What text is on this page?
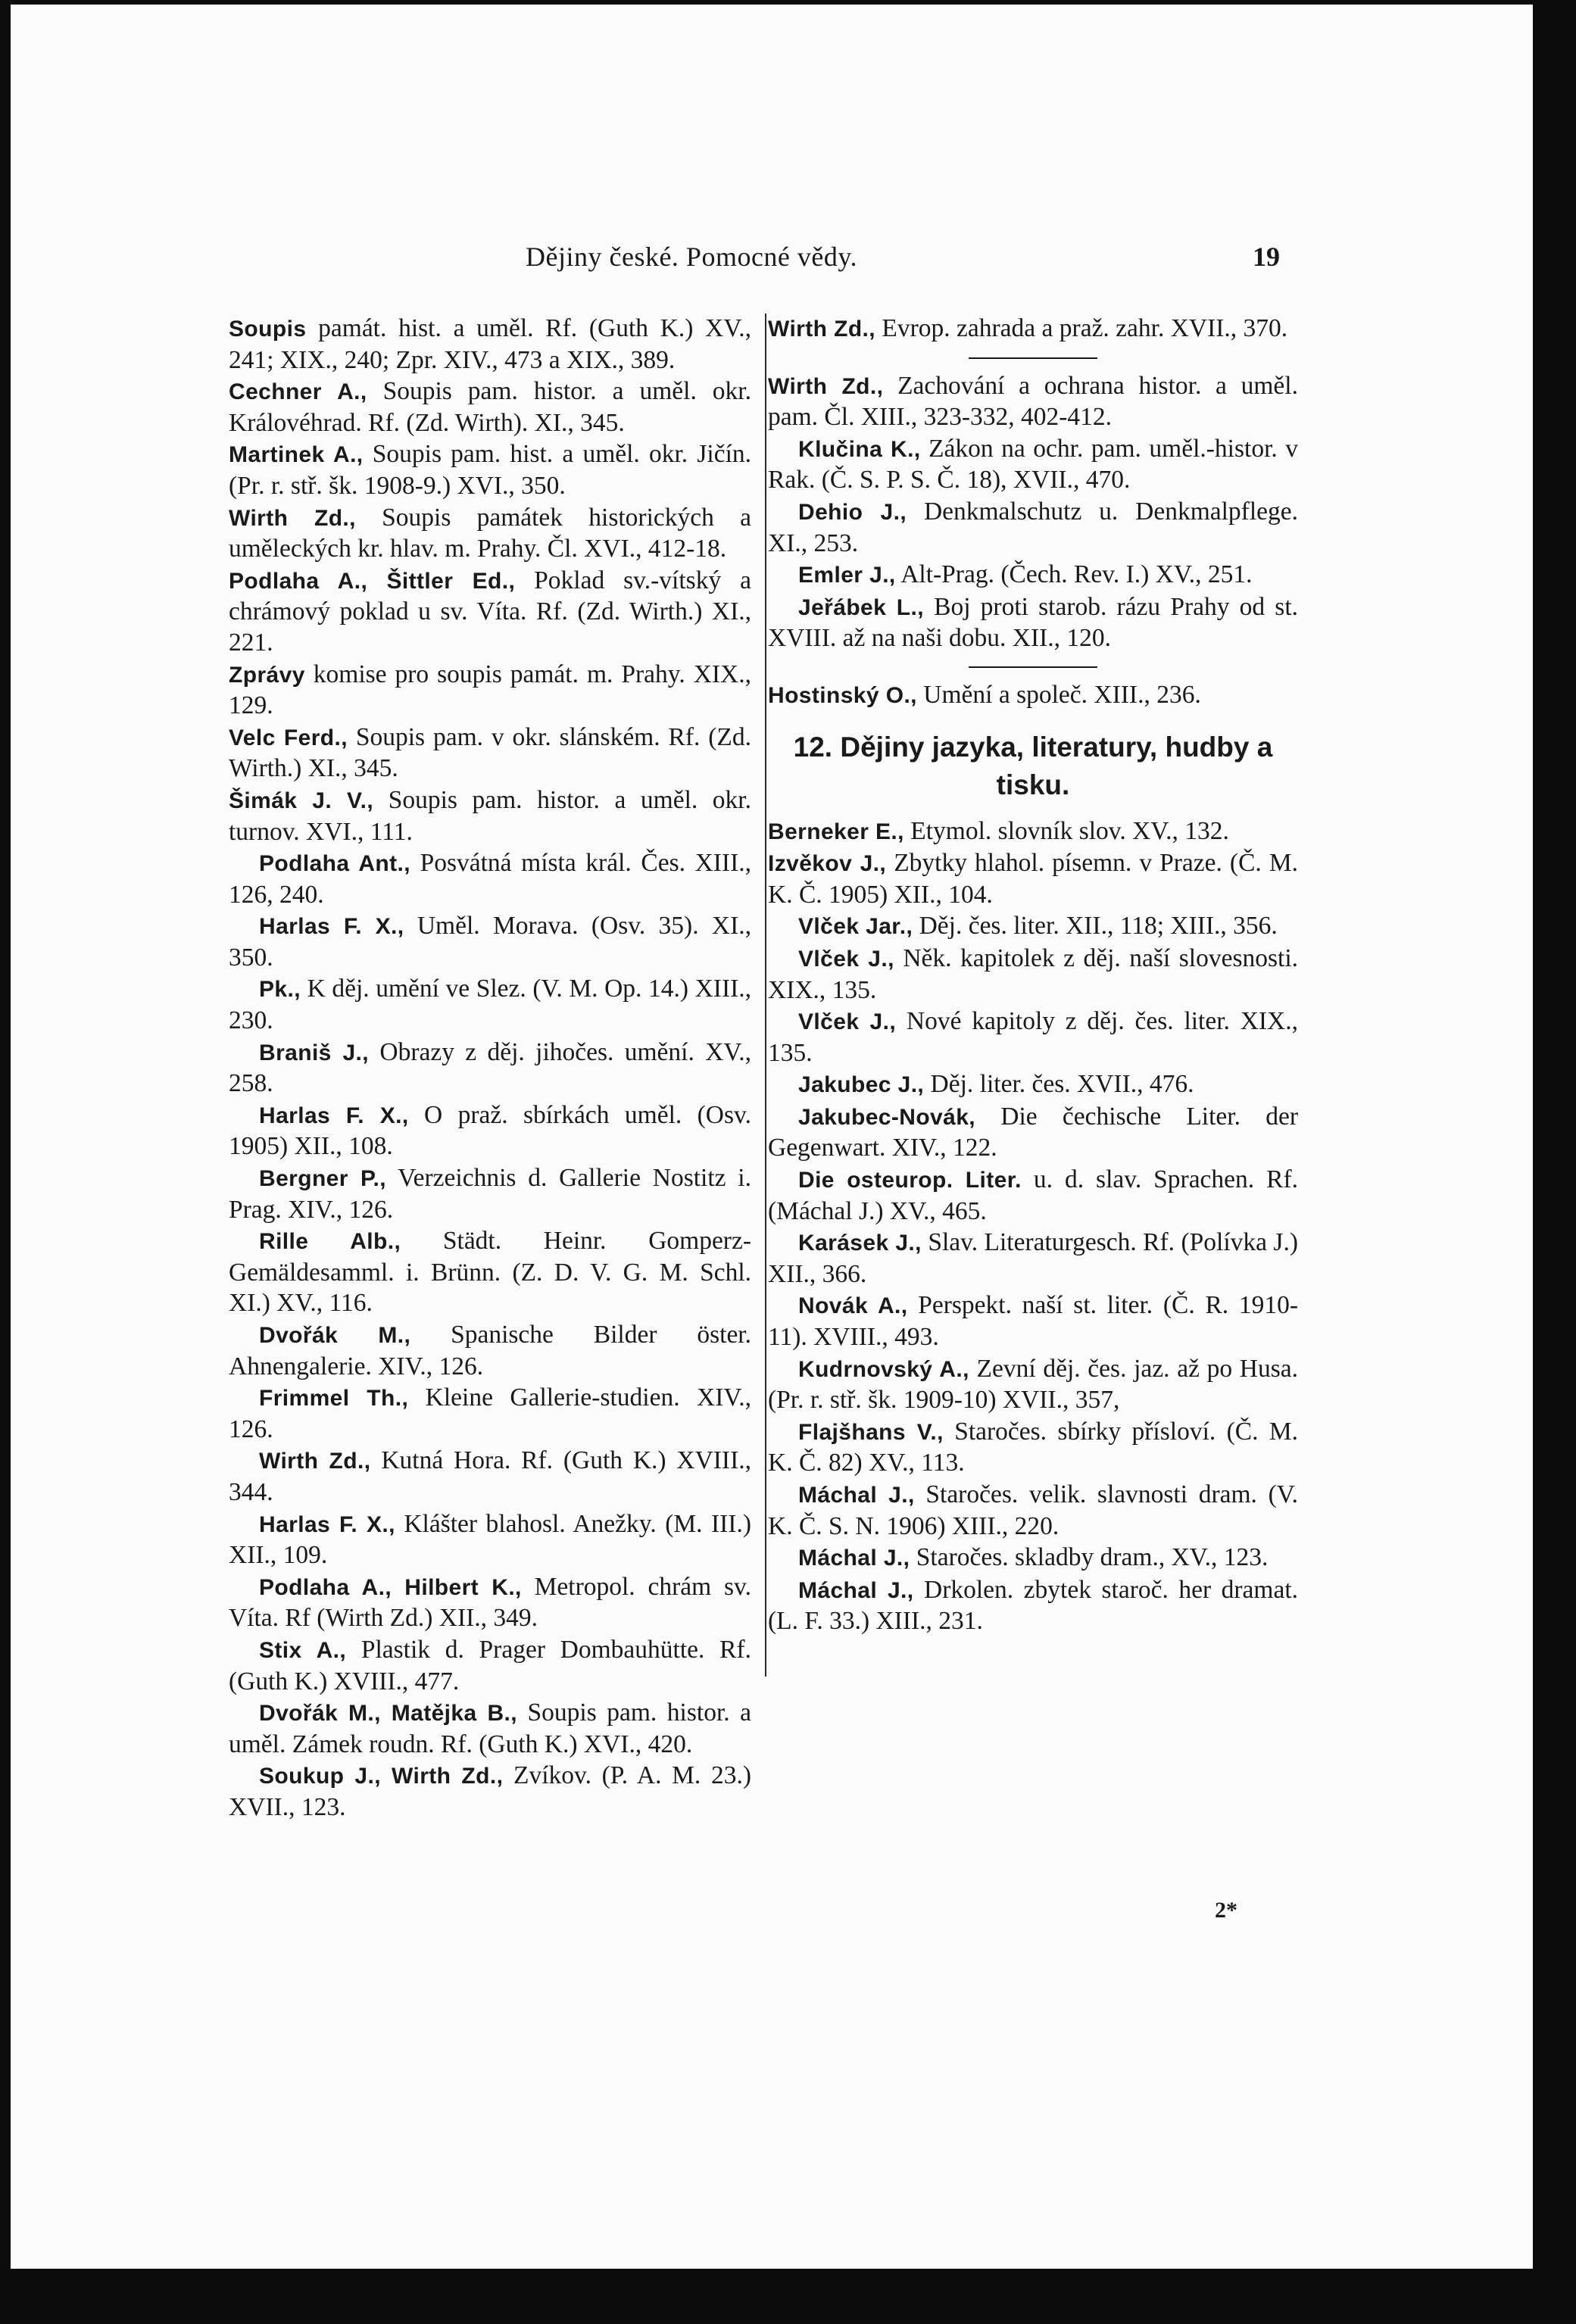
Dějiny české. Pomocné vědy.	19
Soupis památ. hist. a uměl. Rf. (Guth K.) XV., 241; XIX., 240; Zpr. XIV., 473 a XIX., 389.
Cechner A., Soupis pam. histor. a uměl. okr. Královéhrad. Rf. (Zd. Wirth). XI., 345.
Martinek A., Soupis pam. hist. a uměl. okr. Jičín. (Pr. r. stř. šk. 1908-9.) XVI., 350.
Wirth Zd., Soupis památek historických a uměleckých kr. hlav. m. Prahy. Čl. XVI., 412-18.
Podlaha A., Šittler Ed., Poklad sv.-vítský a chrámový poklad u sv. Víta. Rf. (Zd. Wirth.) XI., 221.
Zprávy komise pro soupis památ. m. Prahy. XIX., 129.
Velc Ferd., Soupis pam. v okr. slánském. Rf. (Zd. Wirth.) XI., 345.
Šimák J. V., Soupis pam. histor. a uměl. okr. turnov. XVI., 111.
Podlaha Ant., Posvátná místa král. Čes. XIII., 126, 240.
Harlas F. X., Uměl. Morava. (Osv. 35). XI., 350.
Pk., K děj. umění ve Slez. (V. M. Op. 14.) XIII., 230.
Braniš J., Obrazy z děj. jihočes. umění. XV., 258.
Harlas F. X., O praž. sbírkách uměl. (Osv. 1905) XII., 108.
Bergner P., Verzeichnis d. Gallerie Nostitz i. Prag. XIV., 126.
Rille Alb., Städt. Heinr. Gomperz-Gemäldesamml. i. Brünn. (Z. D. V. G. M. Schl. XI.) XV., 116.
Dvořák M., Spanische Bilder öster. Ahnengalerie. XIV., 126.
Frimmel Th., Kleine Gallerie-studien. XIV., 126.
Wirth Zd., Kutná Hora. Rf. (Guth K.) XVIII., 344.
Harlas F. X., Klášter blahosl. Anežky. (M. III.) XII., 109.
Podlaha A., Hilbert K., Metropol. chrám sv. Víta. Rf (Wirth Zd.) XII., 349.
Stix A., Plastik d. Prager Dombauhütte. Rf. (Guth K.) XVIII., 477.
Dvořák M., Matějka B., Soupis pam. histor. a uměl. Zámek roudn. Rf. (Guth K.) XVI., 420.
Soukup J., Wirth Zd., Zvíkov. (P. A. M. 23.) XVII., 123.
Wirth Zd., Evrop. zahrada a praž. zahr. XVII., 370.
Wirth Zd., Zachování a ochrana histor. a uměl. pam. Čl. XIII., 323-332, 402-412.
Klučina K., Zákon na ochr. pam. uměl.-histor. v Rak. (Č. S. P. S. Č. 18), XVII., 470.
Dehio J., Denkmalschutz u. Denkmalpflege. XI., 253.
Emler J., Alt-Prag. (Čech. Rev. I.) XV., 251.
Jeřábek L., Boj proti starob. rázu Prahy od st. XVIII. až na naši dobu. XII., 120.
Hostinský O., Umění a společ. XIII., 236.
12. Dějiny jazyka, literatury, hudby a tisku.
Berneker E., Etymol. slovník slov. XV., 132.
Izvěkov J., Zbytky hlahol. písemn. v Praze. (Č. M. K. Č. 1905) XII., 104.
Vlček Jar., Děj. čes. liter. XII., 118; XIII., 356.
Vlček J., Něk. kapitolek z děj. naší slovesnosti. XIX., 135.
Vlček J., Nové kapitoly z děj. čes. liter. XIX., 135.
Jakubec J., Děj. liter. čes. XVII., 476.
Jakubec-Novák, Die čechische Liter. der Gegenwart. XIV., 122.
Die osteurop. Liter. u. d. slav. Sprachen. Rf. (Máchal J.) XV., 465.
Karásek J., Slav. Literaturgesch. Rf. (Polívka J.) XII., 366.
Novák A., Perspekt. naší st. liter. (Č. R. 1910-11). XVIII., 493.
Kudrnovský A., Zevní děj. čes. jaz. až po Husa. (Pr. r. stř. šk. 1909-10) XVII., 357,
Flajšhans V., Staročes. sbírky přísloví. (Č. M. K. Č. 82) XV., 113.
Máchal J., Staročes. velik. slavnosti dram. (V. K. Č. S. N. 1906) XIII., 220.
Máchal J., Staročes. skladby dram., XV., 123.
Máchal J., Drkolen. zbytek staroč. her dramat. (L. F. 33.) XIII., 231.
2*
